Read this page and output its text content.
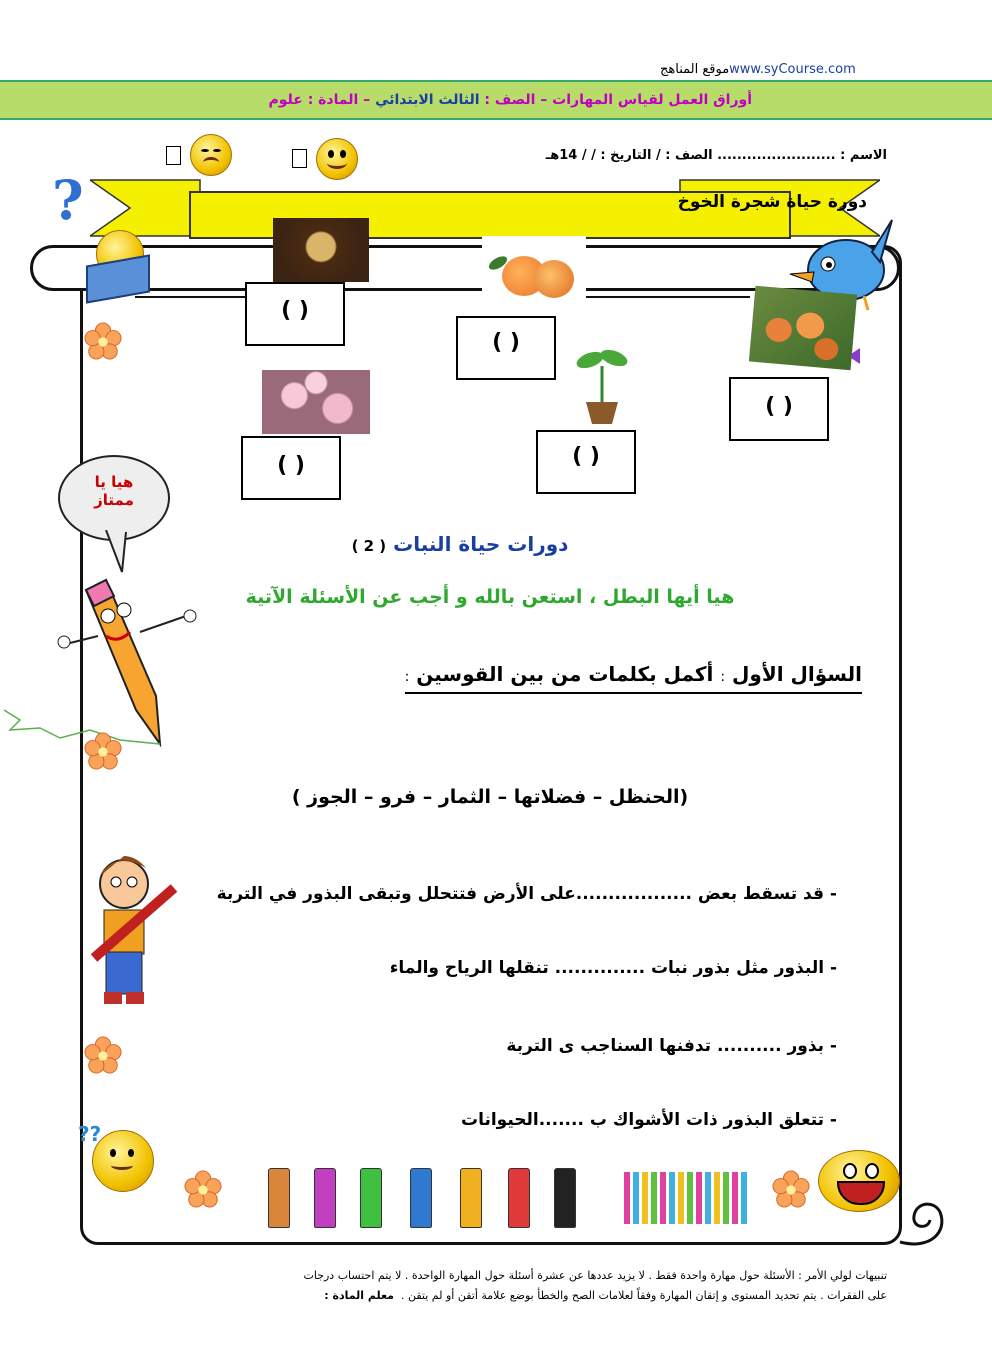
موقع المناهجwww.syCourse.com
أوراق العمل لقياس المهارات – الصف : الثالث الابتدائي – المادة : علوم
الاسم : ........................ الصف : / التاريخ : / / 14هـ
?	دورة حياة شجرة الخوخ
( )
( )
( )
( )	( )
هيا يا
ممتاز
دورات حياة النبات ( 2 )
هيا أيها البطل ، استعن بالله و أجب عن الأسئلة الآتية
السؤال الأول : أكمل بكلمات من بين القوسين :
(الحنظل – فضلاتها – الثمار – فرو – الجوز )
- قد تسقط بعض ..................على الأرض فتتحلل وتبقى البذور في التربة
- البذور مثل بذور نبات .............. تنقلها الرياح والماء
- بذور .......... تدفنها السناجب ى التربة
- تتعلق البذور ذات الأشواك ب .......الحيوانات
??
تنبيهات لولي الأمر : الأسئلة حول مهارة واحدة فقط . لا يزيد عددها عن عشرة أسئلة حول المهارة الواحدة . لا يتم احتساب درجات
على الفقرات . يتم تحديد المستوى و إتقان المهارة وفقاً لعلامات الصح والخطأ بوضع علامة أتقن أو لم يتقن .  معلم المادة :
